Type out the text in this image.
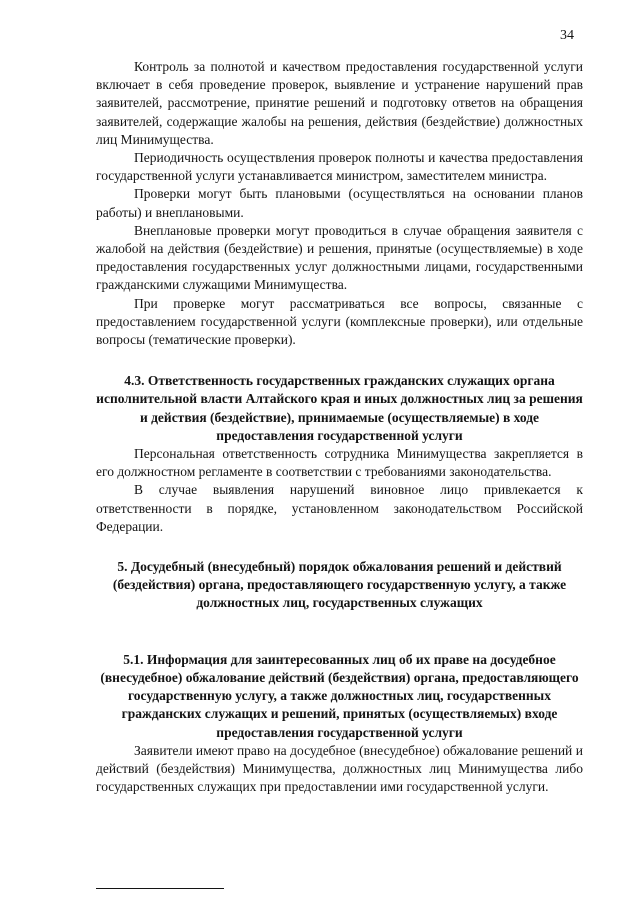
34

Контроль за полнотой и качеством предоставления государственной услуги включает в себя проведение проверок, выявление и устранение нарушений прав заявителей, рассмотрение, принятие решений и подготовку ответов на обращения заявителей, содержащие жалобы на решения, действия (бездействие) должностных лиц Минимущества.

Периодичность осуществления проверок полноты и качества предоставления государственной услуги устанавливается министром, заместителем министра.

Проверки могут быть плановыми (осуществляться на основании планов работы) и внеплановыми.

Внеплановые проверки могут проводиться в случае обращения заявителя с жалобой на действия (бездействие) и решения, принятые (осуществляемые) в ходе предоставления государственных услуг должностными лицами, государственными гражданскими служащими Минимущества.

При проверке могут рассматриваться все вопросы, связанные с предоставлением государственной услуги (комплексные проверки), или отдельные вопросы (тематические проверки).

4.3. Ответственность государственных гражданских служащих органа исполнительной власти Алтайского края и иных должностных лиц за решения и действия (бездействие), принимаемые (осуществляемые) в ходе предоставления государственной услуги

Персональная ответственность сотрудника Минимущества закрепляется в его должностном регламенте в соответствии с требованиями законодательства.

В случае выявления нарушений виновное лицо привлекается к ответственности в порядке, установленном законодательством Российской Федерации.

5. Досудебный (внесудебный) порядок обжалования решений и действий (бездействия) органа, предоставляющего государственную услугу, а также должностных лиц, государственных служащих

5.1. Информация для заинтересованных лиц об их праве на досудебное (внесудебное) обжалование действий (бездействия) органа, предоставляющего государственную услугу, а также должностных лиц, государственных гражданских служащих и решений, принятых (осуществляемых) входе предоставления государственной услуги

Заявители имеют право на досудебное (внесудебное) обжалование решений и действий (бездействия) Минимущества, должностных лиц Минимущества либо государственных служащих при предоставлении ими государственной услуги.
